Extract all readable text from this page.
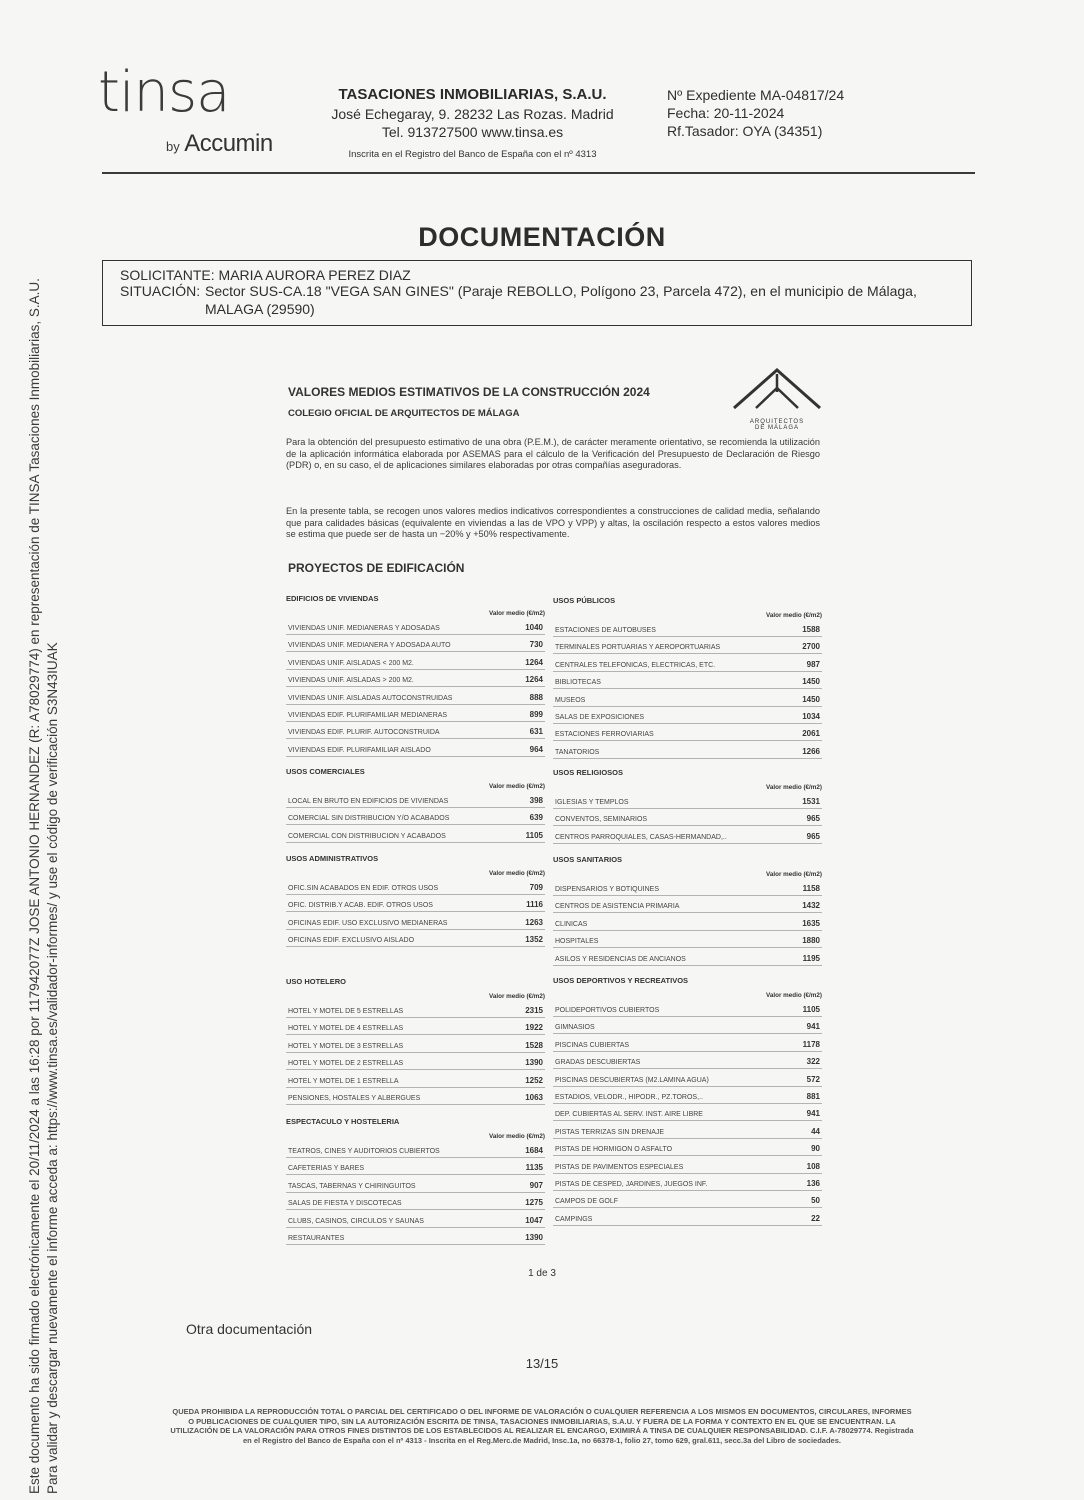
Este documento ha sido firmado electrónicamente el 20/11/2024 a las 16:28 por 117942077Z JOSE ANTONIO HERNANDEZ (R: A78029774) en representación de TINSA Tasaciones Inmobiliarias, S.A.U. Para validar y descargar nuevamente el informe acceda a: https://www.tinsa.es/validador-informes/ y use el código de verificación S3N43IUAK
tinsa
by Accumin
TASACIONES INMOBILIARIAS, S.A.U.
José Echegaray, 9. 28232 Las Rozas. Madrid
Tel. 913727500 www.tinsa.es
Inscrita en el Registro del Banco de España con el nº 4313
Nº Expediente MA-04817/24
Fecha: 20-11-2024
Rf.Tasador: OYA (34351)
DOCUMENTACIÓN
SOLICITANTE: MARIA AURORA PEREZ DIAZ
SITUACIÓN: Sector SUS-CA.18 "VEGA SAN GINES" (Paraje REBOLLO, Polígono 23, Parcela 472), en el municipio de Málaga,
MALAGA (29590)
VALORES MEDIOS ESTIMATIVOS DE LA CONSTRUCCIÓN 2024
COLEGIO OFICIAL DE ARQUITECTOS DE MÁLAGA
ARQUITECTOS
DE MÁLAGA
Para la obtención del presupuesto estimativo de una obra (P.E.M.), de carácter meramente orientativo, se recomienda la utilización de la aplicación informática elaborada por ASEMAS para el cálculo de la Verificación del Presupuesto de Declaración de Riesgo (PDR) o, en su caso, el de aplicaciones similares elaboradas por otras compañías aseguradoras.
En la presente tabla, se recogen unos valores medios indicativos correspondientes a construcciones de calidad media, señalando que para calidades básicas (equivalente en viviendas a las de VPO y VPP) y altas, la oscilación respecto a estos valores medios se estima que puede ser de hasta un −20% y +50% respectivamente.
PROYECTOS DE EDIFICACIÓN
EDIFICIOS DE VIVIENDAS
Valor medio (€/m2)
VIVIENDAS UNIF. MEDIANERAS Y ADOSADAS	1040
VIVIENDAS UNIF. MEDIANERA Y ADOSADA AUTO	730
VIVIENDAS UNIF. AISLADAS < 200 M2.	1264
VIVIENDAS UNIF. AISLADAS > 200 M2.	1264
VIVIENDAS UNIF. AISLADAS AUTOCONSTRUIDAS	888
VIVIENDAS EDIF. PLURIFAMILIAR MEDIANERAS	899
VIVIENDAS EDIF. PLURIF. AUTOCONSTRUIDA	631
VIVIENDAS EDIF. PLURIFAMILIAR AISLADO	964
USOS COMERCIALES
Valor medio (€/m2)
LOCAL EN BRUTO EN EDIFICIOS DE VIVIENDAS	398
COMERCIAL SIN DISTRIBUCION Y/O ACABADOS	639
COMERCIAL CON DISTRIBUCION Y ACABADOS	1105
USOS ADMINISTRATIVOS
Valor medio (€/m2)
OFIC.SIN ACABADOS EN EDIF. OTROS USOS	709
OFIC. DISTRIB.Y ACAB. EDIF. OTROS USOS	1116
OFICINAS EDIF. USO EXCLUSIVO MEDIANERAS	1263
OFICINAS EDIF. EXCLUSIVO AISLADO	1352
USO HOTELERO
Valor medio (€/m2)
HOTEL Y MOTEL DE 5 ESTRELLAS	2315
HOTEL Y MOTEL DE 4 ESTRELLAS	1922
HOTEL Y MOTEL DE 3 ESTRELLAS	1528
HOTEL Y MOTEL DE 2 ESTRELLAS	1390
HOTEL Y MOTEL DE 1 ESTRELLA	1252
PENSIONES, HOSTALES Y ALBERGUES	1063
ESPECTACULO Y HOSTELERIA
Valor medio (€/m2)
TEATROS, CINES Y AUDITORIOS CUBIERTOS	1684
CAFETERIAS Y BARES	1135
TASCAS, TABERNAS Y CHIRINGUITOS	907
SALAS DE FIESTA Y DISCOTECAS	1275
CLUBS, CASINOS, CIRCULOS Y SAUNAS	1047
RESTAURANTES	1390
USOS PÚBLICOS
Valor medio (€/m2)
ESTACIONES DE AUTOBUSES	1588
TERMINALES PORTUARIAS Y AEROPORTUARIAS	2700
CENTRALES TELEFONICAS, ELECTRICAS, ETC.	987
BIBLIOTECAS	1450
MUSEOS	1450
SALAS DE EXPOSICIONES	1034
ESTACIONES FERROVIARIAS	2061
TANATORIOS	1266
USOS RELIGIOSOS
Valor medio (€/m2)
IGLESIAS Y TEMPLOS	1531
CONVENTOS, SEMINARIOS	965
CENTROS PARROQUIALES, CASAS-HERMANDAD,..	965
USOS SANITARIOS
Valor medio (€/m2)
DISPENSARIOS Y BOTIQUINES	1158
CENTROS DE ASISTENCIA PRIMARIA	1432
CLINICAS	1635
HOSPITALES	1880
ASILOS Y RESIDENCIAS DE ANCIANOS	1195
USOS DEPORTIVOS Y RECREATIVOS
Valor medio (€/m2)
POLIDEPORTIVOS CUBIERTOS	1105
GIMNASIOS	941
PISCINAS CUBIERTAS	1178
GRADAS DESCUBIERTAS	322
PISCINAS DESCUBIERTAS (M2.LAMINA AGUA)	572
ESTADIOS, VELODR., HIPODR., PZ.TOROS,..	881
DEP. CUBIERTAS AL SERV. INST. AIRE LIBRE	941
PISTAS TERRIZAS SIN DRENAJE	44
PISTAS DE HORMIGON O ASFALTO	90
PISTAS DE PAVIMENTOS ESPECIALES	108
PISTAS DE CESPED, JARDINES, JUEGOS INF.	136
CAMPOS DE GOLF	50
CAMPINGS	22
1 de 3
Otra documentación
13/15
QUEDA PROHIBIDA LA REPRODUCCIÓN TOTAL O PARCIAL DEL CERTIFICADO O DEL INFORME DE VALORACIÓN O CUALQUIER REFERENCIA A LOS MISMOS EN DOCUMENTOS, CIRCULARES, INFORMES
O PUBLICACIONES DE CUALQUIER TIPO, SIN LA AUTORIZACIÓN ESCRITA DE TINSA, TASACIONES INMOBILIARIAS, S.A.U. Y FUERA DE LA FORMA Y CONTEXTO EN EL QUE SE ENCUENTRAN. LA
UTILIZACIÓN DE LA VALORACIÓN PARA OTROS FINES DISTINTOS DE LOS ESTABLECIDOS AL REALIZAR EL ENCARGO, EXIMIRÁ A TINSA DE CUALQUIER RESPONSABILIDAD. C.I.F. A-78029774. Registrada
en el Registro del Banco de España con el nº 4313 - Inscrita en el Reg.Merc.de Madrid, Insc.1a, no 66378-1, folio 27, tomo 629, gral.611, secc.3a del Libro de sociedades.
